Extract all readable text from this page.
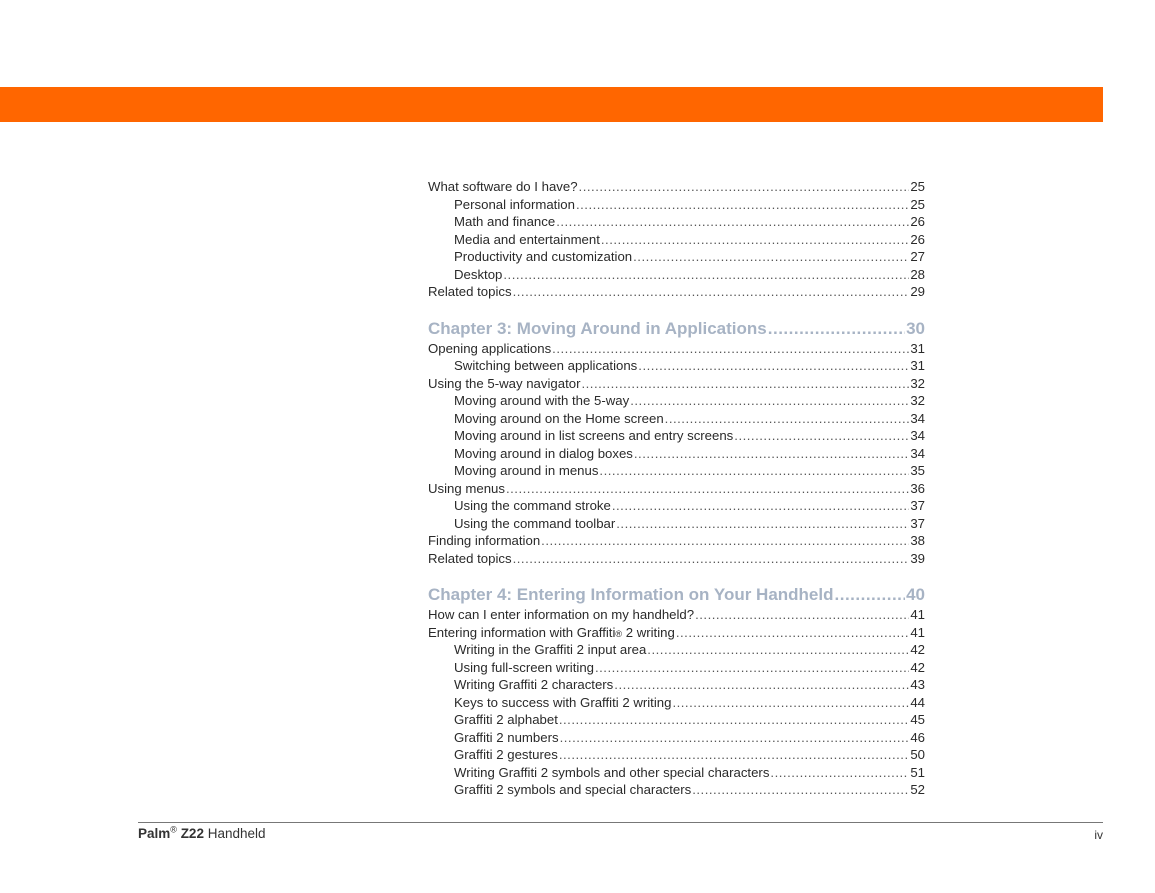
What software do I have? .....	25
Personal information .....	25
Math and finance .....	26
Media and entertainment .....	26
Productivity and customization .....	27
Desktop .....	28
Related topics .....	29
Chapter 3: Moving Around in Applications .....	30
Opening applications .....	31
Switching between applications .....	31
Using the 5-way navigator .....	32
Moving around with the 5-way .....	32
Moving around on the Home screen .....	34
Moving around in list screens and entry screens .....	34
Moving around in dialog boxes .....	34
Moving around in menus .....	35
Using menus .....	36
Using the command stroke .....	37
Using the command toolbar .....	37
Finding information .....	38
Related topics .....	39
Chapter 4: Entering Information on Your Handheld .....	40
How can I enter information on my handheld? .....	41
Entering information with Graffiti ® 2 writing .....	41
Writing in the Graffiti 2 input area .....	42
Using full-screen writing .....	42
Writing Graffiti 2 characters .....	43
Keys to success with Graffiti 2 writing .....	44
Graffiti 2 alphabet .....	45
Graffiti 2 numbers .....	46
Graffiti 2 gestures .....	50
Writing Graffiti 2 symbols and other special characters .....	51
Graffiti 2 symbols and special characters .....	52
Palm® Z22 Handheld	iv
